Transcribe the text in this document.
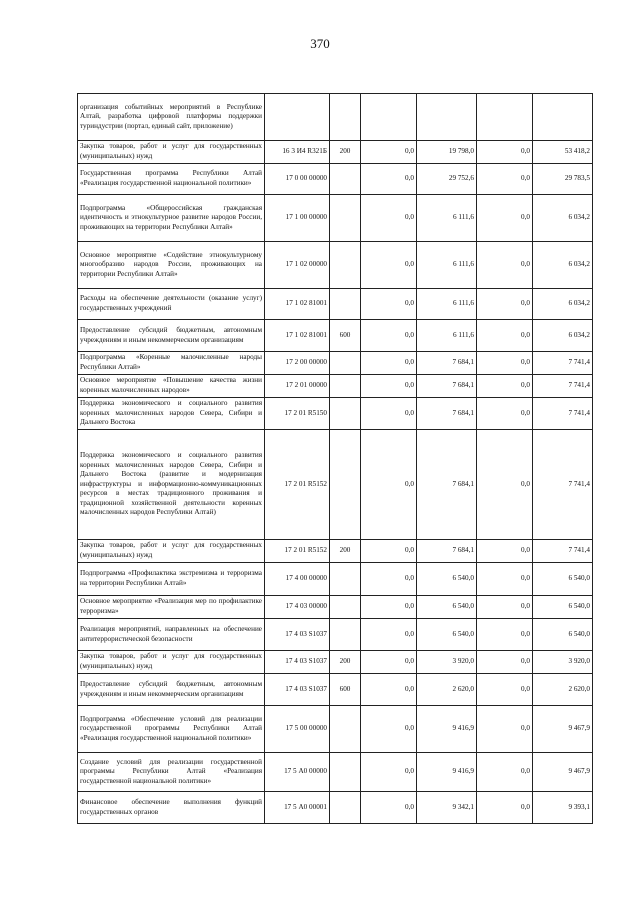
370
организация событийных мероприятий в Республике Алтай, разработка цифровой платформы поддержки туриндустрии (портал, единый сайт, приложение)						
Закупка товаров, работ и услуг для государственных (муниципальных) нужд	16 3 И4 R321Б	200	0,0	19 798,0	0,0	53 418,2
Государственная программа Республики Алтай «Реализация государственной национальной политики»	17 0 00 00000		0,0	29 752,6	0,0	29 783,5
Подпрограмма «Общероссийская гражданская идентичность и этнокультурное развитие народов России, проживающих на территории Республики Алтай»	17 1 00 00000		0,0	6 111,6	0,0	6 034,2
Основное мероприятие «Содействие этнокультурному многообразию народов России, проживающих на территории Республики Алтай»	17 1 02 00000		0,0	6 111,6	0,0	6 034,2
Расходы на обеспечение деятельности (оказание услуг) государственных учреждений	17 1 02 81001		0,0	6 111,6	0,0	6 034,2
Предоставление субсидий бюджетным, автономным учреждениям и иным некоммерческим организациям	17 1 02 81001	600	0,0	6 111,6	0,0	6 034,2
Подпрограмма «Коренные малочисленные народы Республики Алтай»	17 2 00 00000		0,0	7 684,1	0,0	7 741,4
Основное мероприятие «Повышение качества жизни коренных малочисленных народов»	17 2 01 00000		0,0	7 684,1	0,0	7 741,4
Поддержка экономического и социального развития коренных малочисленных народов Севера, Сибири и Дальнего Востока	17 2 01 R5150		0,0	7 684,1	0,0	7 741,4
Поддержка экономического и социального развития коренных малочисленных народов Севера, Сибири и Дальнего Востока (развитие и модернизация инфраструктуры и информационно-коммуникационных ресурсов в местах традиционного проживания и традиционной хозяйственной деятельности коренных малочисленных народов Республики Алтай)	17 2 01 R5152		0,0	7 684,1	0,0	7 741,4
Закупка товаров, работ и услуг для государственных (муниципальных) нужд	17 2 01 R5152	200	0,0	7 684,1	0,0	7 741,4
Подпрограмма «Профилактика экстремизма и терроризма на территории Республики Алтай»	17 4 00 00000		0,0	6 540,0	0,0	6 540,0
Основное мероприятие «Реализация мер по профилактике терроризма»	17 4 03 00000		0,0	6 540,0	0,0	6 540,0
Реализация мероприятий, направленных на обеспечение антитеррористической безопасности	17 4 03 S1037		0,0	6 540,0	0,0	6 540,0
Закупка товаров, работ и услуг для государственных (муниципальных) нужд	17 4 03 S1037	200	0,0	3 920,0	0,0	3 920,0
Предоставление субсидий бюджетным, автономным учреждениям и иным некоммерческим организациям	17 4 03 S1037	600	0,0	2 620,0	0,0	2 620,0
Подпрограмма «Обеспечение условий для реализации государственной программы Республики Алтай «Реализация государственной национальной политики»	17 5 00 00000		0,0	9 416,9	0,0	9 467,9
Создание условий для реализации государственной программы Республики Алтай «Реализация государственной национальной политики»	17 5 А0 00000		0,0	9 416,9	0,0	9 467,9
Финансовое обеспечение выполнения функций государственных органов	17 5 А0 00001		0,0	9 342,1	0,0	9 393,1
